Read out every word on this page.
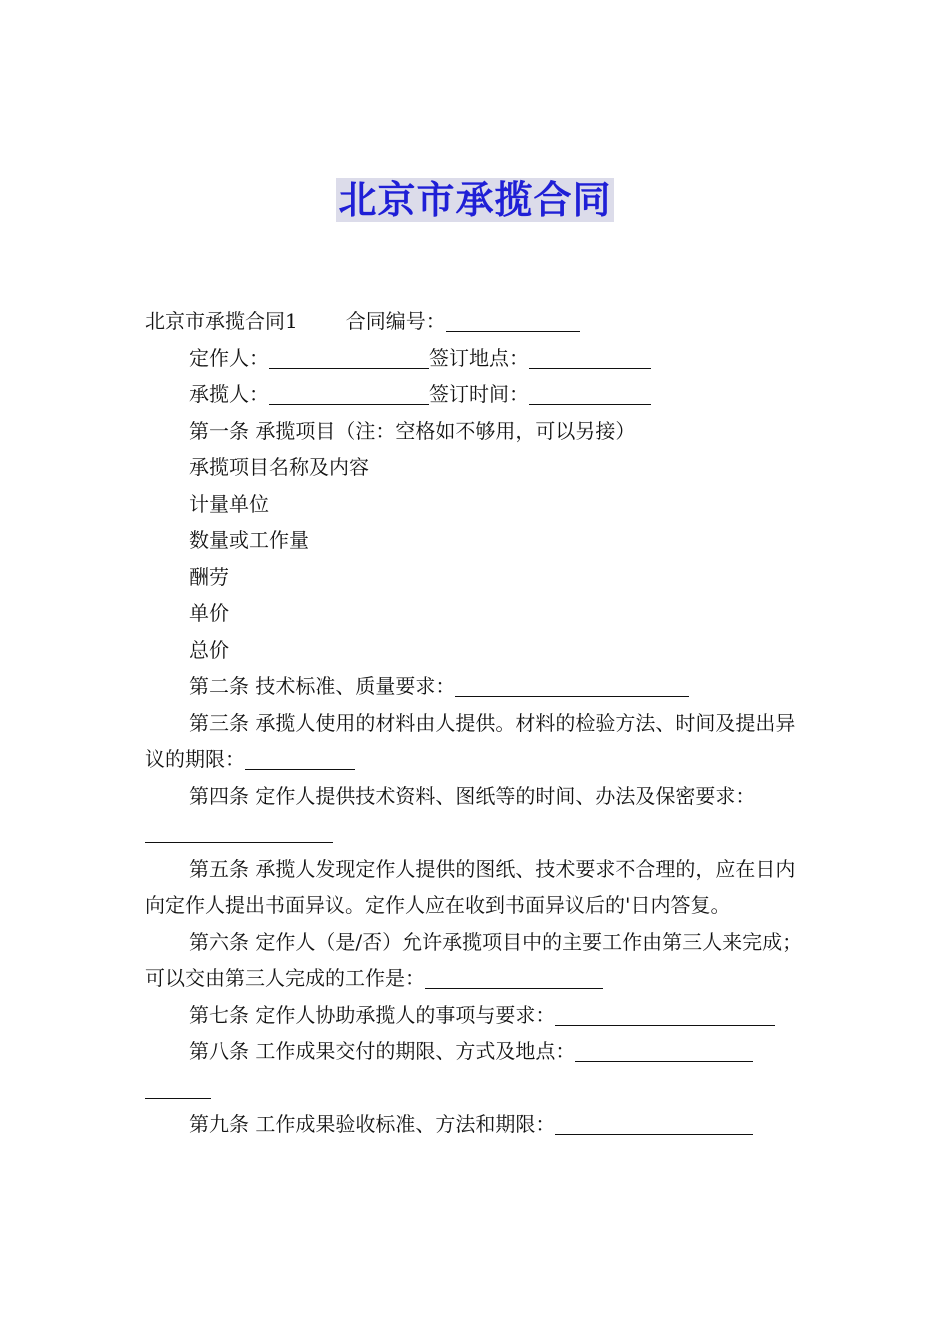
北京市承揽合同

北京市承揽合同1 合同编号：

定作人：	签订地点：

承揽人：	签订时间：

第一条 承揽项目（注：空格如不够用，可以另接）

承揽项目名称及内容

计量单位

数量或工作量

酬劳

单价

总价

第二条 技术标准、质量要求：

第三条 承揽人使用的材料由人提供。材料的检验方法、时间及提出异议的期限：

第四条 定作人提供技术资料、图纸等的时间、办法及保密要求：

第五条 承揽人发现定作人提供的图纸、技术要求不合理的，应在日内向定作人提出书面异议。定作人应在收到书面异议后的'日内答复。

第六条 定作人（是/否）允许承揽项目中的主要工作由第三人来完成；可以交由第三人完成的工作是：

第七条 定作人协助承揽人的事项与要求：

第八条 工作成果交付的期限、方式及地点：

第九条 工作成果验收标准、方法和期限：
